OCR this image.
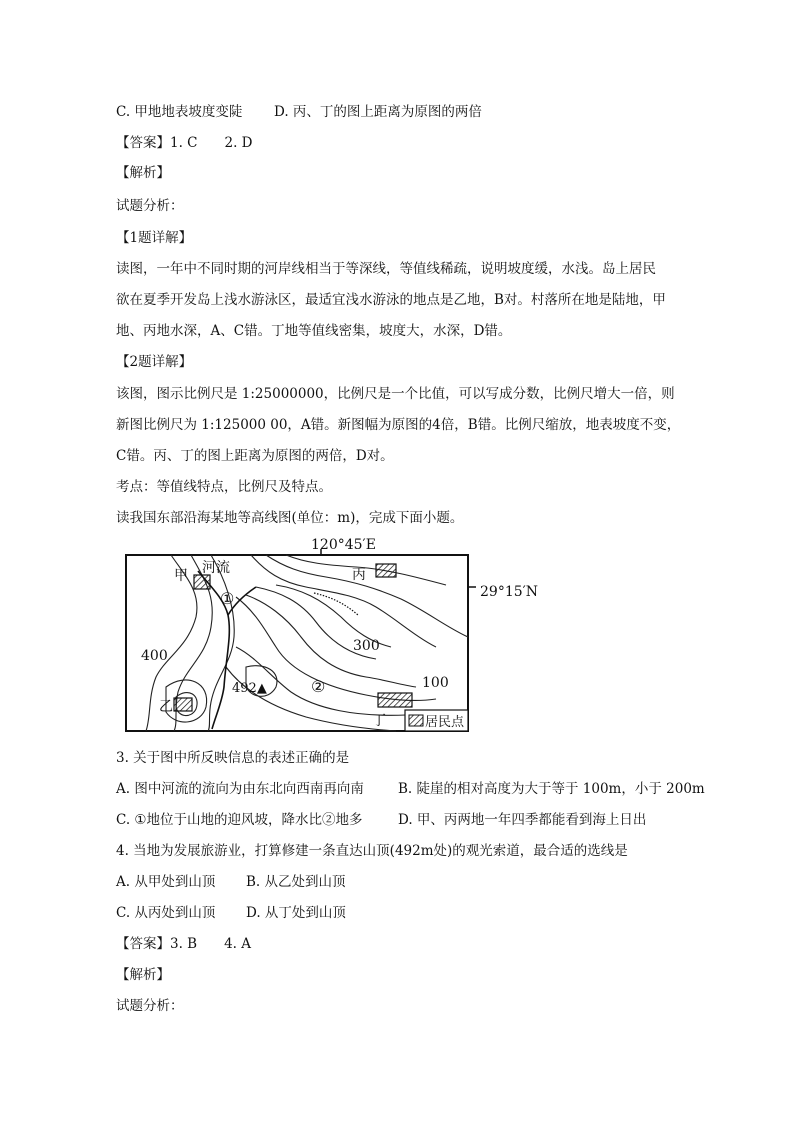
C. 甲地地表坡度变陡 D. 丙、丁的图上距离为原图的两倍
【答案】1. C　　2. D
【解析】
试题分析：
【1题详解】
读图，一年中不同时期的河岸线相当于等深线，等值线稀疏，说明坡度缓，水浅。岛上居民
欲在夏季开发岛上浅水游泳区，最适宜浅水游泳的地点是乙地，B对。村落所在地是陆地，甲
地、丙地水深，A、C错。丁地等值线密集，坡度大，水深，D错。
【2题详解】
该图，图示比例尺是 1:25000000，比例尺是一个比值，可以写成分数，比例尺增大一倍，则
新图比例尺为 1:125000 00，A错。新图幅为原图的4倍，B错。比例尺缩放，地表坡度不变，
C错。丙、丁的图上距离为原图的两倍，D对。
考点：等值线特点，比例尺及特点。
读我国东部沿海某地等高线图(单位：m)，完成下面小题。
120°45′E
29°15′N
甲 河流	丙
乙
丁
400
300
100
492▲
①
②
居民点
3. 关于图中所反映信息的表述正确的是
A. 图中河流的流向为由东北向西南再向南	B. 陡崖的相对高度为大于等于 100m，小于 200m
C. ①地位于山地的迎风坡，降水比②地多	D. 甲、丙两地一年四季都能看到海上日出
4. 当地为发展旅游业，打算修建一条直达山顶(492m处)的观光索道，最合适的选线是
A. 从甲处到山顶 B. 从乙处到山顶
C. 从丙处到山顶 D. 从丁处到山顶
【答案】3. B　　4. A
【解析】
试题分析：
